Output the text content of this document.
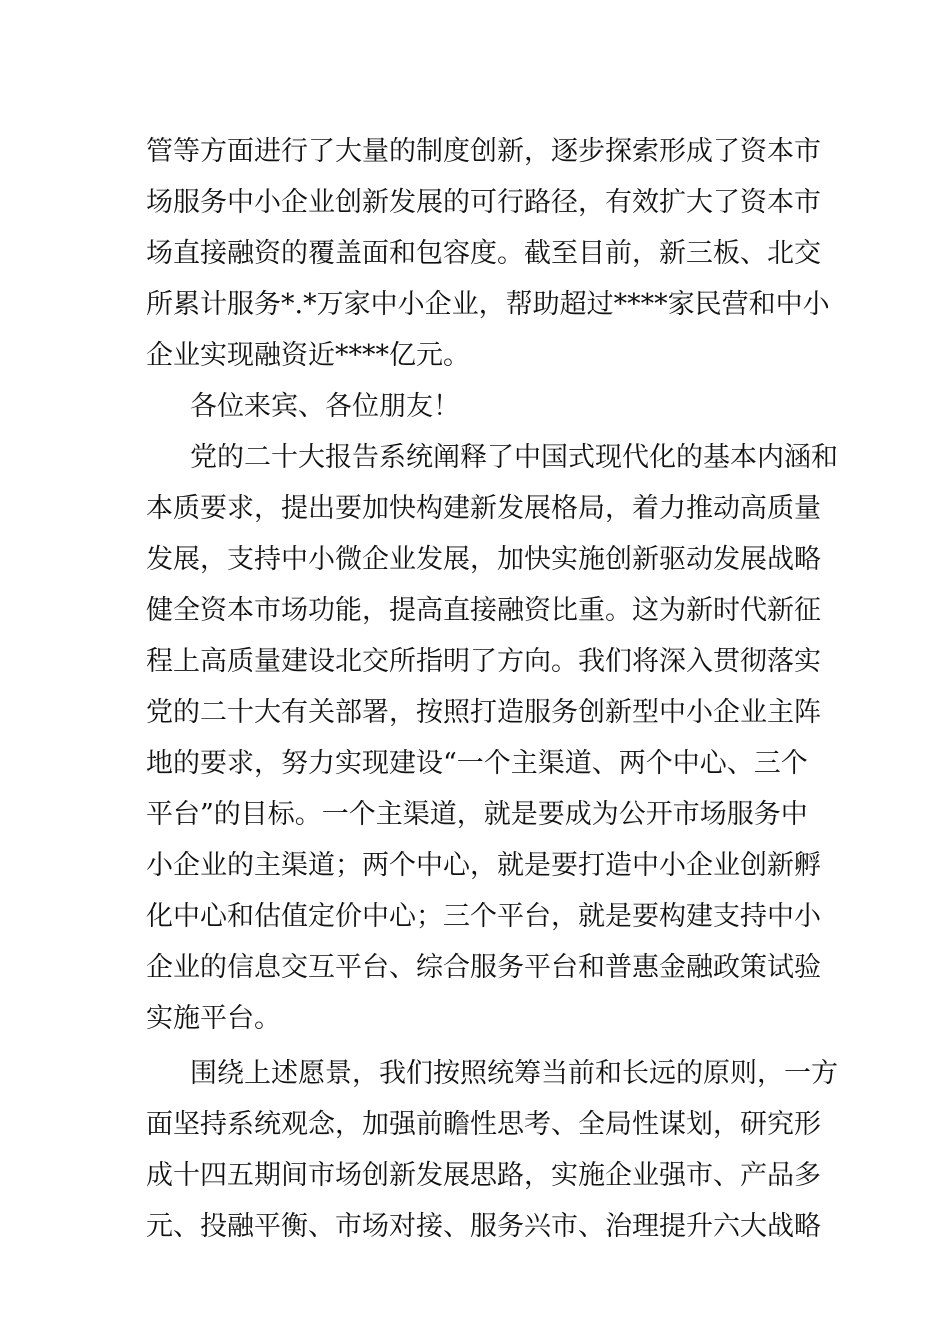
管等方面进行了大量的制度创新，逐步探索形成了资本市
场服务中小企业创新发展的可行路径，有效扩大了资本市
场直接融资的覆盖面和包容度。截至目前，新三板、北交
所累计服务*.*万家中小企业，帮助超过****家民营和中小
企业实现融资近****亿元。
各位来宾、各位朋友！
党的二十大报告系统阐释了中国式现代化的基本内涵和
本质要求，提出要加快构建新发展格局，着力推动高质量
发展，支持中小微企业发展，加快实施创新驱动发展战略
健全资本市场功能，提高直接融资比重。这为新时代新征
程上高质量建设北交所指明了方向。我们将深入贯彻落实
党的二十大有关部署，按照打造服务创新型中小企业主阵
地的要求，努力实现建设“一个主渠道、两个中心、三个
平台”的目标。一个主渠道，就是要成为公开市场服务中
小企业的主渠道；两个中心，就是要打造中小企业创新孵
化中心和估值定价中心；三个平台，就是要构建支持中小
企业的信息交互平台、综合服务平台和普惠金融政策试验
实施平台。
围绕上述愿景，我们按照统筹当前和长远的原则，一方
面坚持系统观念，加强前瞻性思考、全局性谋划，研究形
成十四五期间市场创新发展思路，实施企业强市、产品多
元、投融平衡、市场对接、服务兴市、治理提升六大战略
